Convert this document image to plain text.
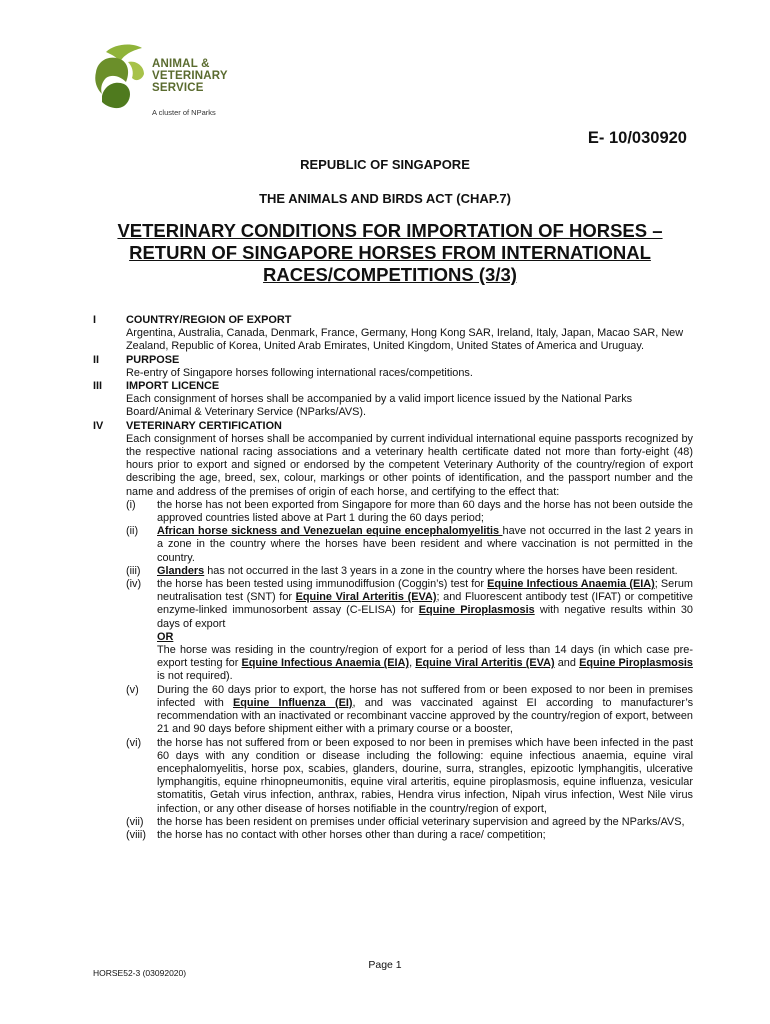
ANIMAL &
VETERINARY
SERVICE
A cluster of NParks
E- 10/030920
REPUBLIC OF SINGAPORE
THE ANIMALS AND BIRDS ACT (CHAP.7)
VETERINARY CONDITIONS FOR IMPORTATION OF HORSES – RETURN OF SINGAPORE HORSES FROM INTERNATIONAL RACES/COMPETITIONS (3/3)
I	COUNTRY/REGION OF EXPORT

Argentina, Australia, Canada, Denmark, France, Germany, Hong Kong SAR, Ireland, Italy, Japan, Macao SAR, New Zealand, Republic of Korea, United Arab Emirates, United Kingdom, United States of America and Uruguay.

II PURPOSE

Re-entry of Singapore horses following international races/competitions.

III IMPORT LICENCE

Each consignment of horses shall be accompanied by a valid import licence issued by the National Parks Board/Animal & Veterinary Service (NParks/AVS).

IV VETERINARY CERTIFICATION

Each consignment of horses shall be accompanied by current individual international equine passports recognized by the respective national racing associations and a veterinary health certificate dated not more than forty-eight (48) hours prior to export and signed or endorsed by the competent Veterinary Authority of the country/region of export describing the age, breed, sex, colour, markings or other points of identification, and the passport number and the name and address of the premises of origin of each horse, and certifying to the effect that:

(i) the horse has not been exported from Singapore for more than 60 days and the horse has not been outside the approved countries listed above at Part 1 during the 60 days period;
(ii) African horse sickness and Venezuelan equine encephalomyelitis have not occurred in the last 2 years in a zone in the country where the horses have been resident and where vaccination is not permitted in the country.
(iii) Glanders has not occurred in the last 3 years in a zone in the country where the horses have been resident.
(iv) the horse has been tested using immunodiffusion (Coggin’s) test for Equine Infectious Anaemia (EIA); Serum neutralisation test (SNT) for Equine Viral Arteritis (EVA); and Fluorescent antibody test (IFAT) or competitive enzyme-linked immunosorbent assay (C-ELISA) for Equine Piroplasmosis with negative results within 30 days of export
OR
The horse was residing in the country/region of export for a period of less than 14 days (in which case pre-export testing for Equine Infectious Anaemia (EIA), Equine Viral Arteritis (EVA) and Equine Piroplasmosis is not required).
(v) During the 60 days prior to export, the horse has not suffered from or been exposed to nor been in premises infected with Equine Influenza (EI), and was vaccinated against EI according to manufacturer’s recommendation with an inactivated or recombinant vaccine approved by the country/region of export, between 21 and 90 days before shipment either with a primary course or a booster,
(vi) the horse has not suffered from or been exposed to nor been in premises which have been infected in the past 60 days with any condition or disease including the following: equine infectious anaemia, equine viral encephalomyelitis, horse pox, scabies, glanders, dourine, surra, strangles, epizootic lymphangitis, ulcerative lymphangitis, equine rhinopneumonitis, equine viral arteritis, equine piroplasmosis, equine influenza, vesicular stomatitis, Getah virus infection, anthrax, rabies, Hendra virus infection, Nipah virus infection, West Nile virus infection, or any other disease of horses notifiable in the country/region of export,
(vii) the horse has been resident on premises under official veterinary supervision and agreed by the NParks/AVS,
(viii) the horse has no contact with other horses other than during a race/ competition;
Page 1
HORSE52-3 (03092020)
